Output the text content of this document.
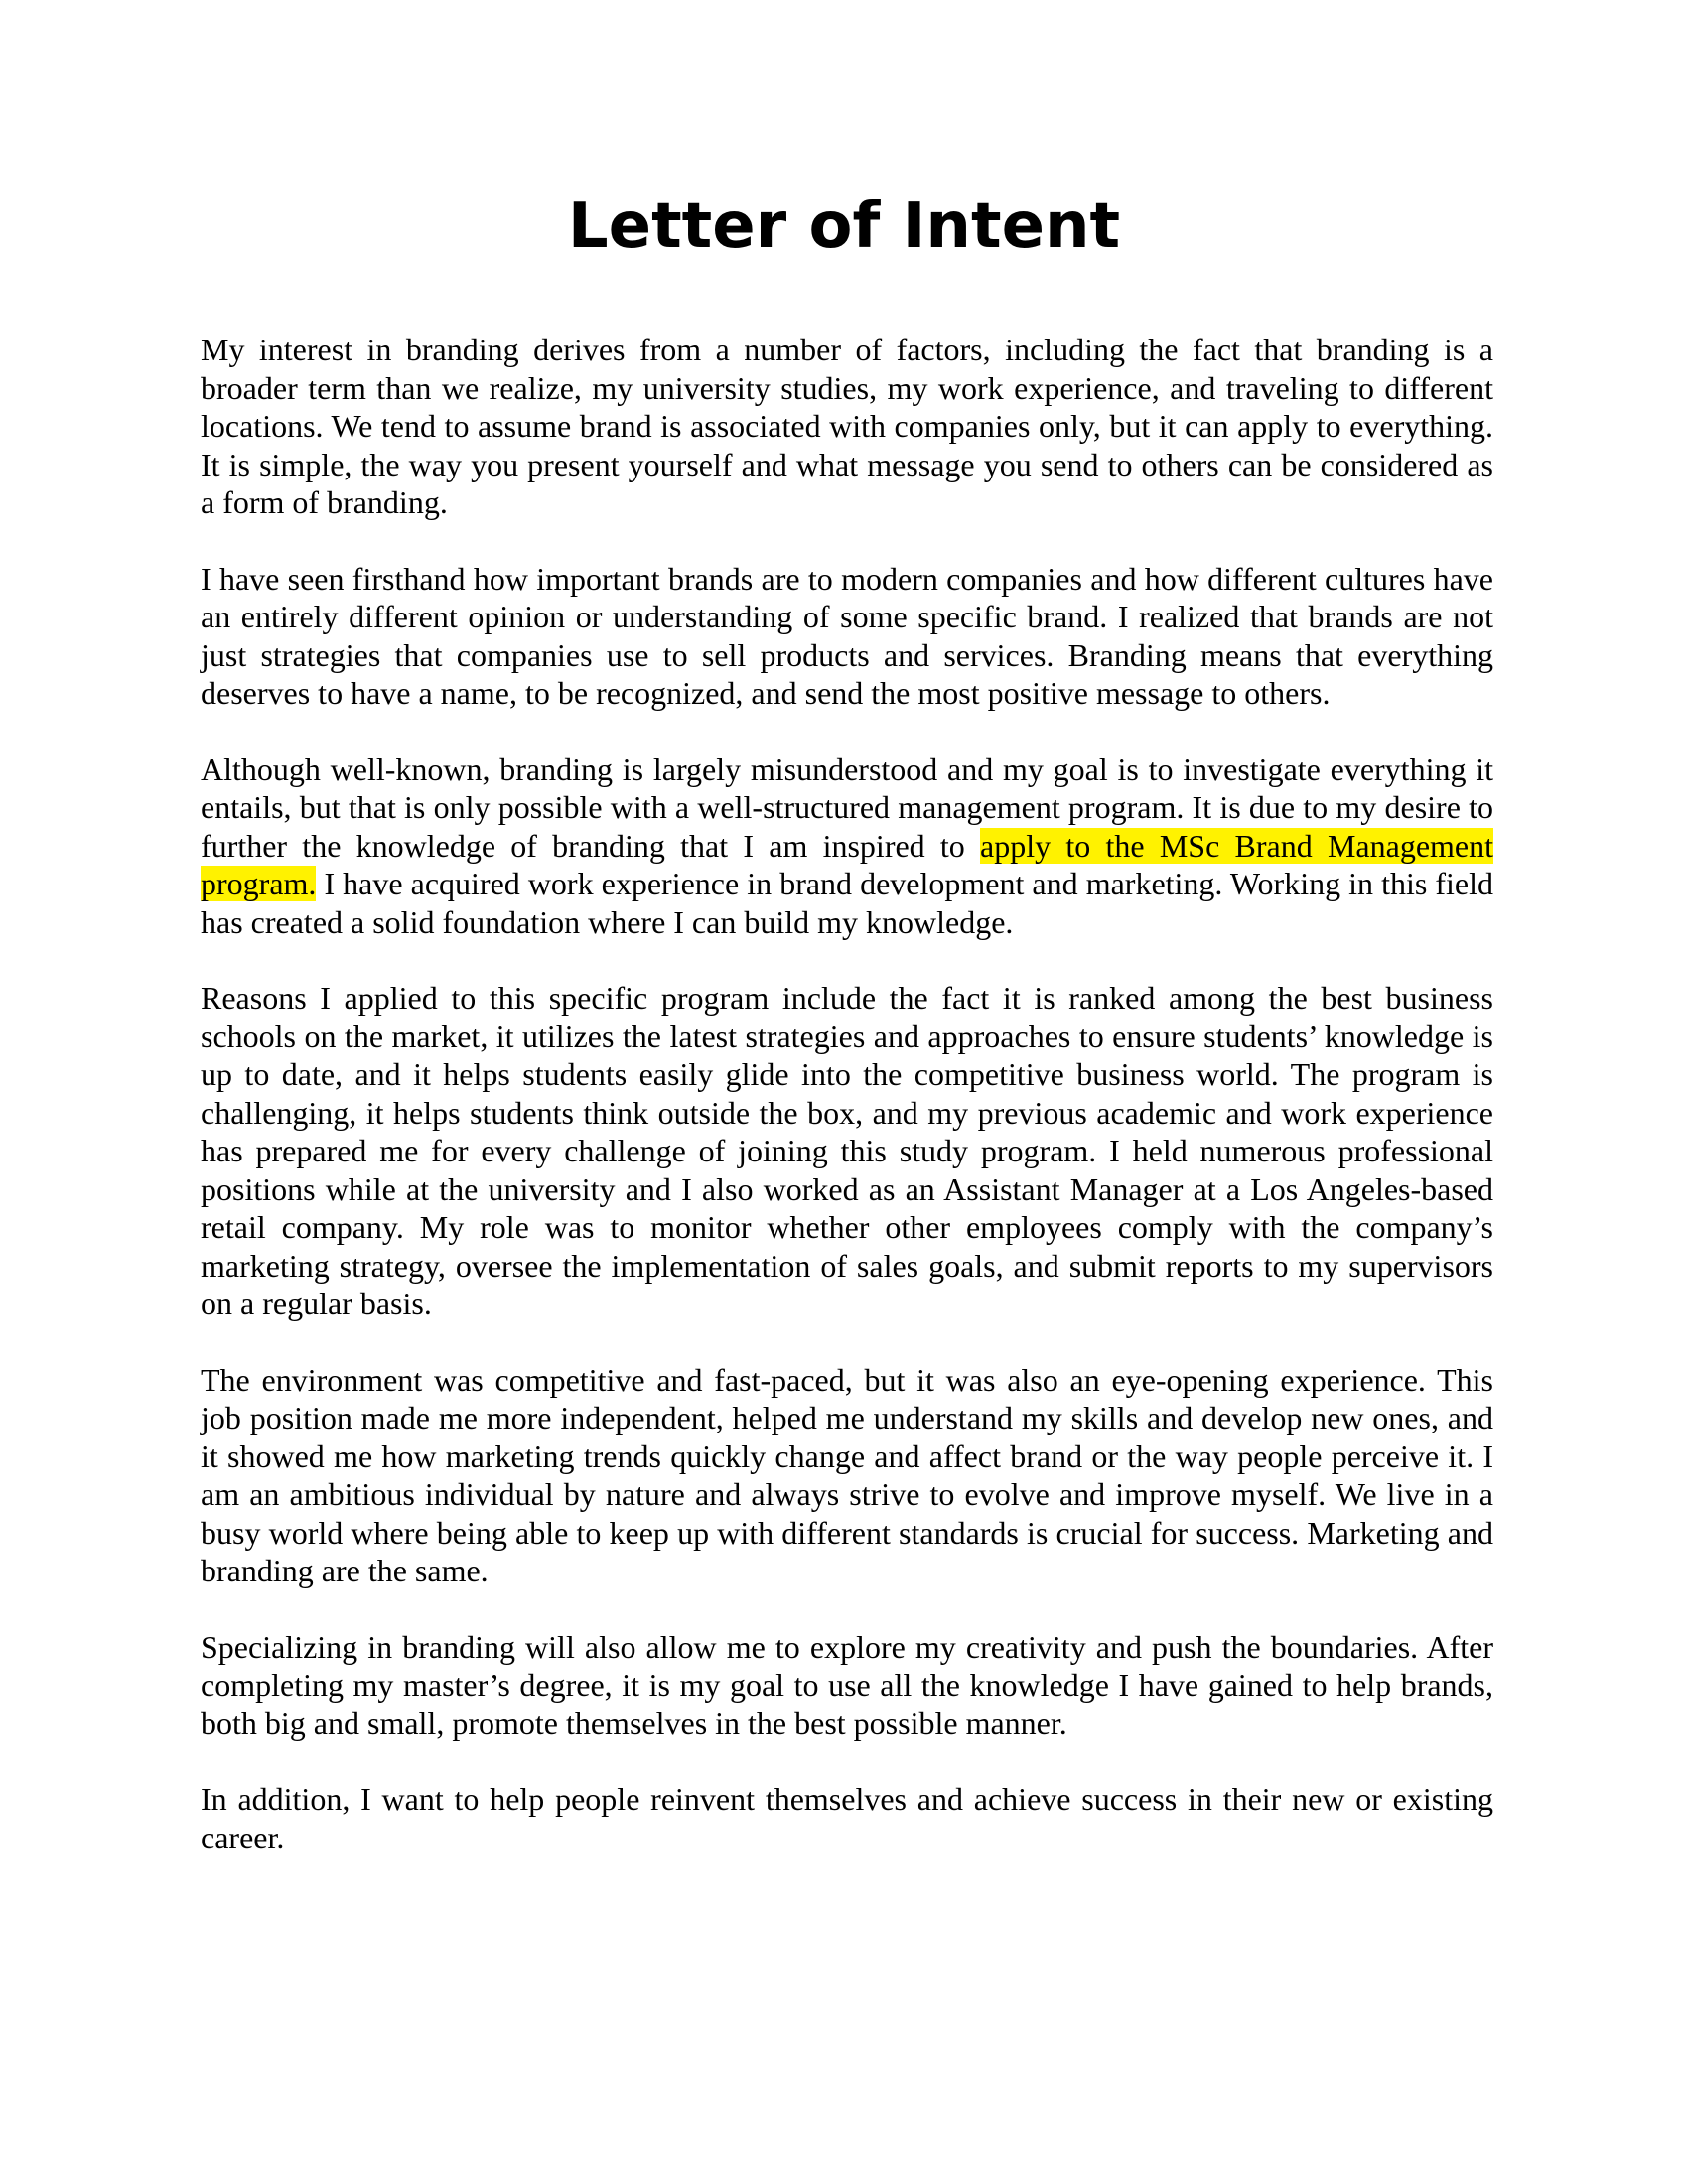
Letter of Intent

My interest in branding derives from a number of factors, including the fact that branding is a broader term than we realize, my university studies, my work experience, and traveling to different locations. We tend to assume brand is associated with companies only, but it can apply to everything. It is simple, the way you present yourself and what message you send to others can be considered as a form of branding.

I have seen firsthand how important brands are to modern companies and how different cultures have an entirely different opinion or understanding of some specific brand. I realized that brands are not just strategies that companies use to sell products and services. Branding means that everything deserves to have a name, to be recognized, and send the most positive message to others.

Although well-known, branding is largely misunderstood and my goal is to investigate everything it entails, but that is only possible with a well-structured management program. It is due to my desire to further the knowledge of branding that I am inspired to apply to the MSc Brand Management program. I have acquired work experience in brand development and marketing. Working in this field has created a solid foundation where I can build my knowledge.

Reasons I applied to this specific program include the fact it is ranked among the best business schools on the market, it utilizes the latest strategies and approaches to ensure students’ knowledge is up to date, and it helps students easily glide into the competitive business world. The program is challenging, it helps students think outside the box, and my previous academic and work experience has prepared me for every challenge of joining this study program. I held numerous professional positions while at the university and I also worked as an Assistant Manager at a Los Angeles-based retail company. My role was to monitor whether other employees comply with the company’s marketing strategy, oversee the implementation of sales goals, and submit reports to my supervisors on a regular basis.

The environment was competitive and fast-paced, but it was also an eye-opening experience. This job position made me more independent, helped me understand my skills and develop new ones, and it showed me how marketing trends quickly change and affect brand or the way people perceive it. I am an ambitious individual by nature and always strive to evolve and improve myself. We live in a busy world where being able to keep up with different standards is crucial for success. Marketing and branding are the same.

Specializing in branding will also allow me to explore my creativity and push the boundaries. After completing my master’s degree, it is my goal to use all the knowledge I have gained to help brands, both big and small, promote themselves in the best possible manner.

In addition, I want to help people reinvent themselves and achieve success in their new or existing career.
